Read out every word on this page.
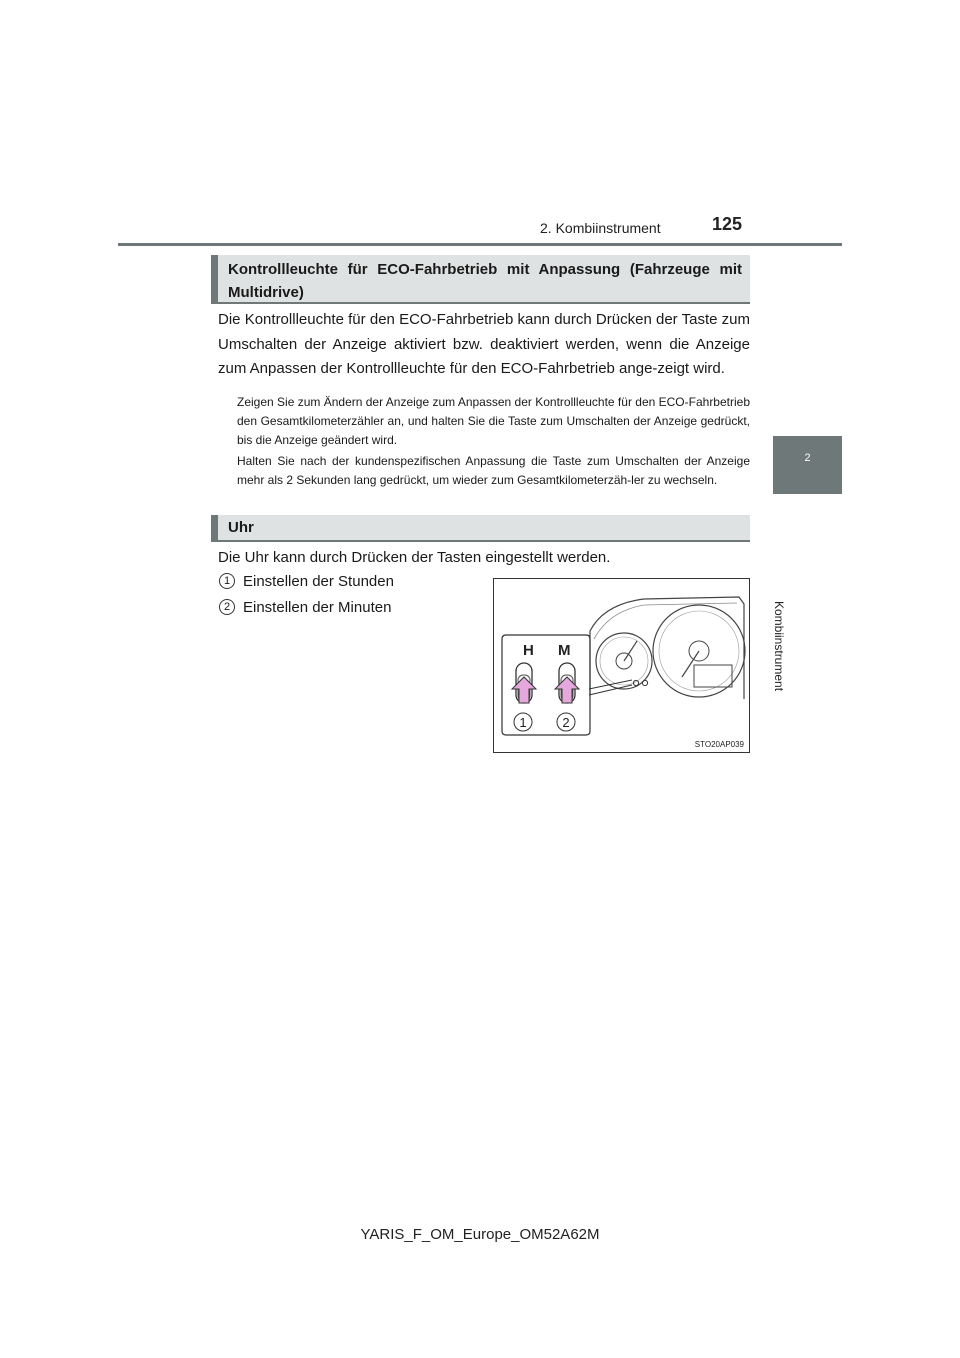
2. Kombiinstrument	125
2
Kombiinstrument
Kontrollleuchte für ECO-Fahrbetrieb mit Anpassung (Fahrzeuge mit Multidrive)
Die Kontrollleuchte für den ECO-Fahrbetrieb kann durch Drücken der Taste zum Umschalten der Anzeige aktiviert bzw. deaktiviert werden, wenn die Anzeige zum Anpassen der Kontrollleuchte für den ECO-Fahrbetrieb ange-zeigt wird.
Zeigen Sie zum Ändern der Anzeige zum Anpassen der Kontrollleuchte für den ECO-Fahrbetrieb den Gesamtkilometerzähler an, und halten Sie die Taste zum Umschalten der Anzeige gedrückt, bis die Anzeige geändert wird.
Halten Sie nach der kundenspezifischen Anpassung die Taste zum Umschalten der Anzeige mehr als 2 Sekunden lang gedrückt, um wieder zum Gesamtkilometerzäh-ler zu wechseln.
Uhr
Die Uhr kann durch Drücken der Tasten eingestellt werden.
1 Einstellen der Stunden
2 Einstellen der Minuten
H M
1	2
STO20AP039
YARIS_F_OM_Europe_OM52A62M
